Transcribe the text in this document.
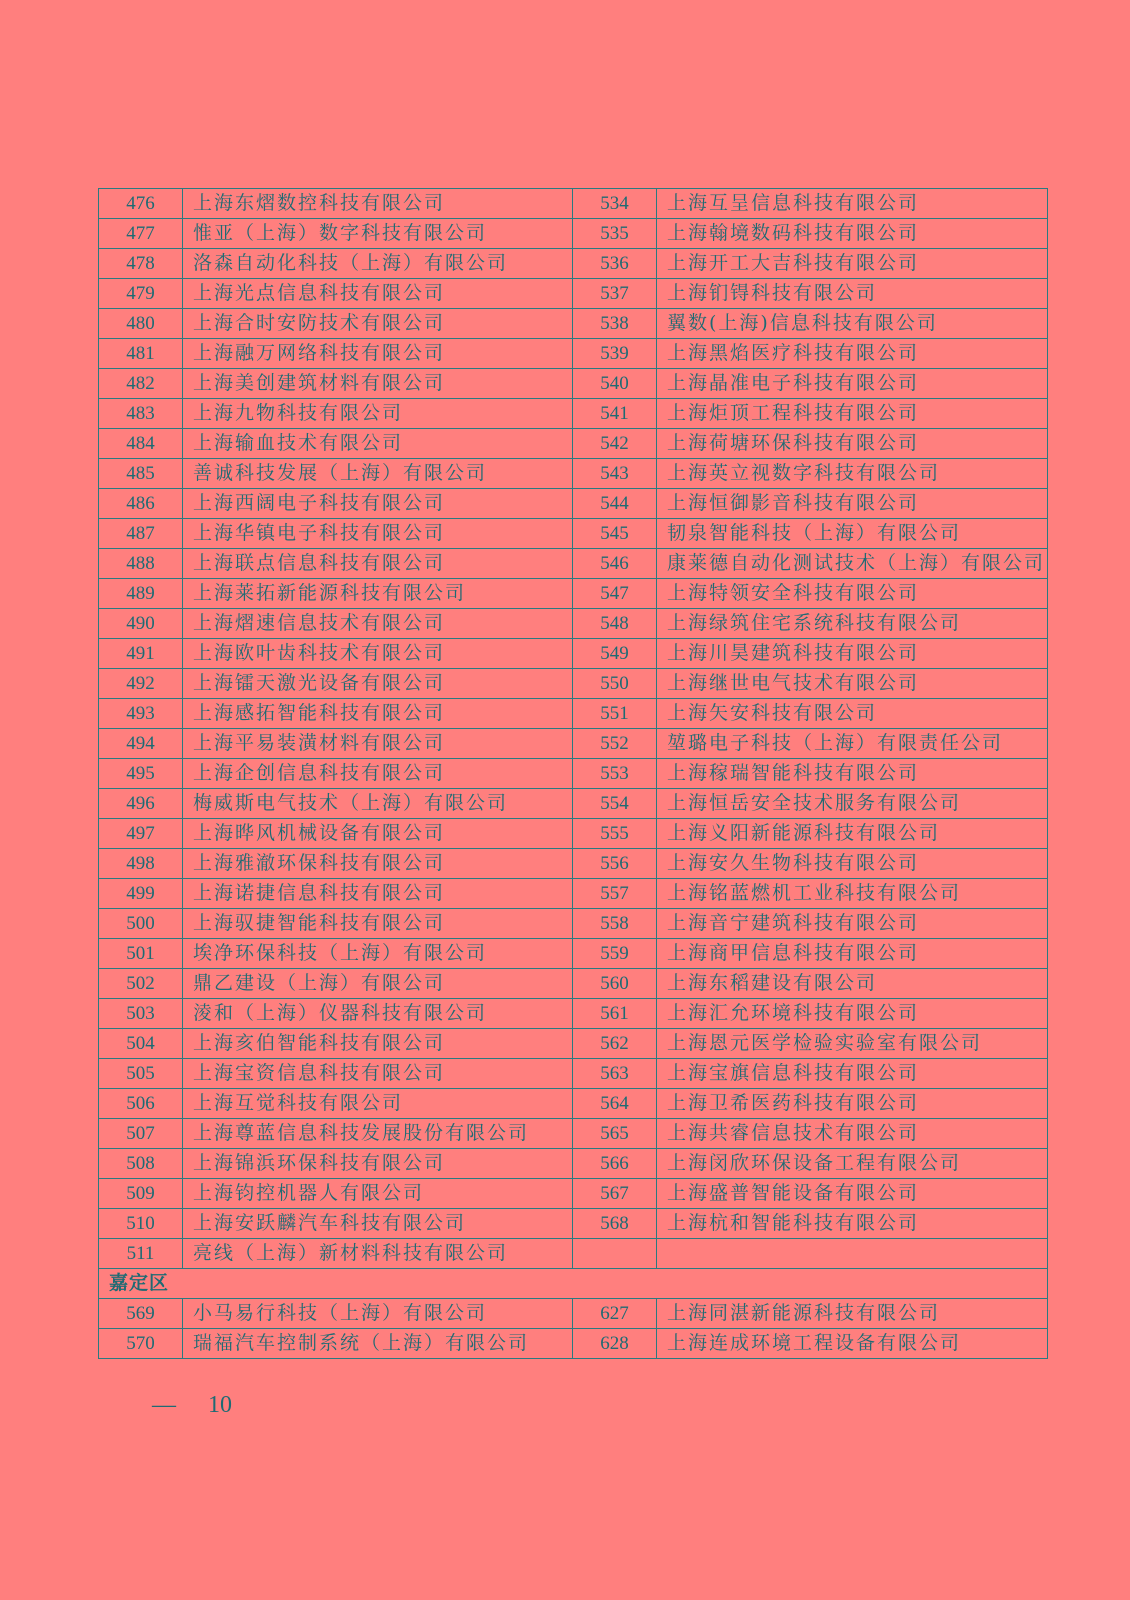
476	上海东熠数控科技有限公司	534	上海互呈信息科技有限公司
477	惟亚（上海）数字科技有限公司	535	上海翰境数码科技有限公司
478	洛森自动化科技（上海）有限公司	536	上海开工大吉科技有限公司
479	上海光点信息科技有限公司	537	上海钔锝科技有限公司
480	上海合时安防技术有限公司	538	翼数(上海)信息科技有限公司
481	上海融万网络科技有限公司	539	上海黑焰医疗科技有限公司
482	上海美创建筑材料有限公司	540	上海晶准电子科技有限公司
483	上海九物科技有限公司	541	上海炬顶工程科技有限公司
484	上海输血技术有限公司	542	上海荷塘环保科技有限公司
485	善诚科技发展（上海）有限公司	543	上海英立视数字科技有限公司
486	上海西阔电子科技有限公司	544	上海恒御影音科技有限公司
487	上海华镇电子科技有限公司	545	韧泉智能科技（上海）有限公司
488	上海联点信息科技有限公司	546	康莱德自动化测试技术（上海）有限公司
489	上海莱拓新能源科技有限公司	547	上海特领安全科技有限公司
490	上海熠速信息技术有限公司	548	上海绿筑住宅系统科技有限公司
491	上海欧叶齿科技术有限公司	549	上海川昊建筑科技有限公司
492	上海镭天激光设备有限公司	550	上海继世电气技术有限公司
493	上海感拓智能科技有限公司	551	上海矢安科技有限公司
494	上海平易装潢材料有限公司	552	堃璐电子科技（上海）有限责任公司
495	上海企创信息科技有限公司	553	上海稼瑞智能科技有限公司
496	梅威斯电气技术（上海）有限公司	554	上海恒岳安全技术服务有限公司
497	上海晔风机械设备有限公司	555	上海义阳新能源科技有限公司
498	上海雅澈环保科技有限公司	556	上海安久生物科技有限公司
499	上海诺捷信息科技有限公司	557	上海铭蓝燃机工业科技有限公司
500	上海驭捷智能科技有限公司	558	上海音宁建筑科技有限公司
501	埃净环保科技（上海）有限公司	559	上海商甲信息科技有限公司
502	鼎乙建设（上海）有限公司	560	上海东稻建设有限公司
503	淩和（上海）仪器科技有限公司	561	上海汇允环境科技有限公司
504	上海亥伯智能科技有限公司	562	上海恩元医学检验实验室有限公司
505	上海宝资信息科技有限公司	563	上海宝旗信息科技有限公司
506	上海互觉科技有限公司	564	上海卫希医药科技有限公司
507	上海尊蓝信息科技发展股份有限公司	565	上海共睿信息技术有限公司
508	上海锦浜环保科技有限公司	566	上海闵欣环保设备工程有限公司
509	上海钧控机器人有限公司	567	上海盛普智能设备有限公司
510	上海安跃麟汽车科技有限公司	568	上海杭和智能科技有限公司
511	亮线（上海）新材料科技有限公司		
嘉定区			
569	小马易行科技（上海）有限公司	627	上海同湛新能源科技有限公司
570	瑞福汽车控制系统（上海）有限公司	628	上海连成环境工程设备有限公司
— 10
